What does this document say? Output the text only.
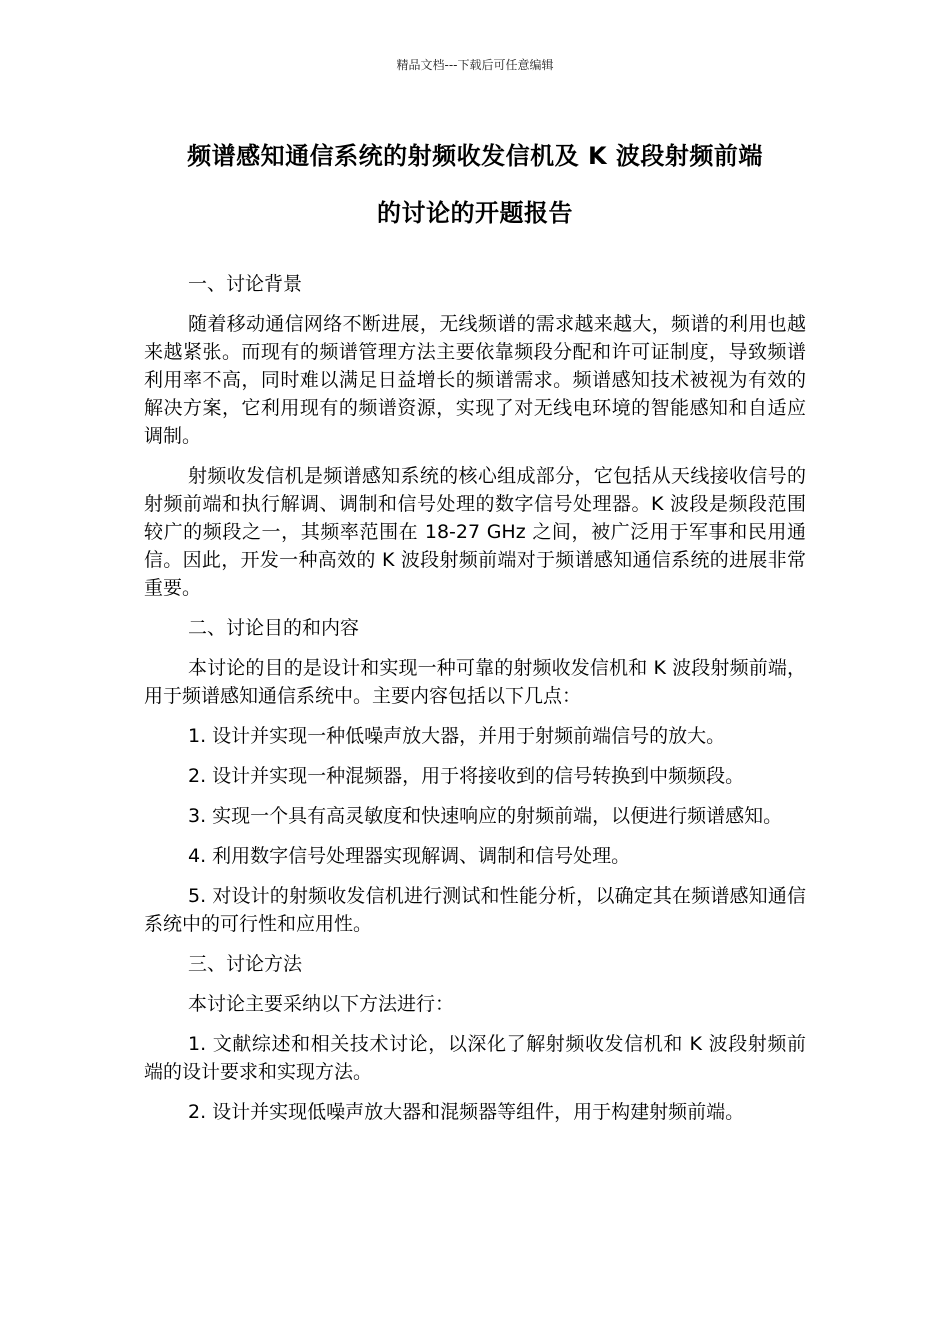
精品文档---下载后可任意编辑
频谱感知通信系统的射频收发信机及 K 波段射频前端
的讨论的开题报告

一、讨论背景

随着移动通信网络不断进展，无线频谱的需求越来越大，频谱的利用也越来越紧张。而现有的频谱管理方法主要依靠频段分配和许可证制度，导致频谱利用率不高，同时难以满足日益增长的频谱需求。频谱感知技术被视为有效的解决方案，它利用现有的频谱资源，实现了对无线电环境的智能感知和自适应调制。

射频收发信机是频谱感知系统的核心组成部分，它包括从天线接收信号的射频前端和执行解调、调制和信号处理的数字信号处理器。K 波段是频段范围较广的频段之一，其频率范围在 18-27 GHz 之间，被广泛用于军事和民用通信。因此，开发一种高效的 K 波段射频前端对于频谱感知通信系统的进展非常重要。

二、讨论目的和内容

本讨论的目的是设计和实现一种可靠的射频收发信机和 K 波段射频前端，用于频谱感知通信系统中。主要内容包括以下几点：

1. 设计并实现一种低噪声放大器，并用于射频前端信号的放大。

2. 设计并实现一种混频器，用于将接收到的信号转换到中频频段。

3. 实现一个具有高灵敏度和快速响应的射频前端，以便进行频谱感知。

4. 利用数字信号处理器实现解调、调制和信号处理。

5. 对设计的射频收发信机进行测试和性能分析，以确定其在频谱感知通信系统中的可行性和应用性。

三、讨论方法

本讨论主要采纳以下方法进行：

1. 文献综述和相关技术讨论，以深化了解射频收发信机和 K 波段射频前端的设计要求和实现方法。

2. 设计并实现低噪声放大器和混频器等组件，用于构建射频前端。
